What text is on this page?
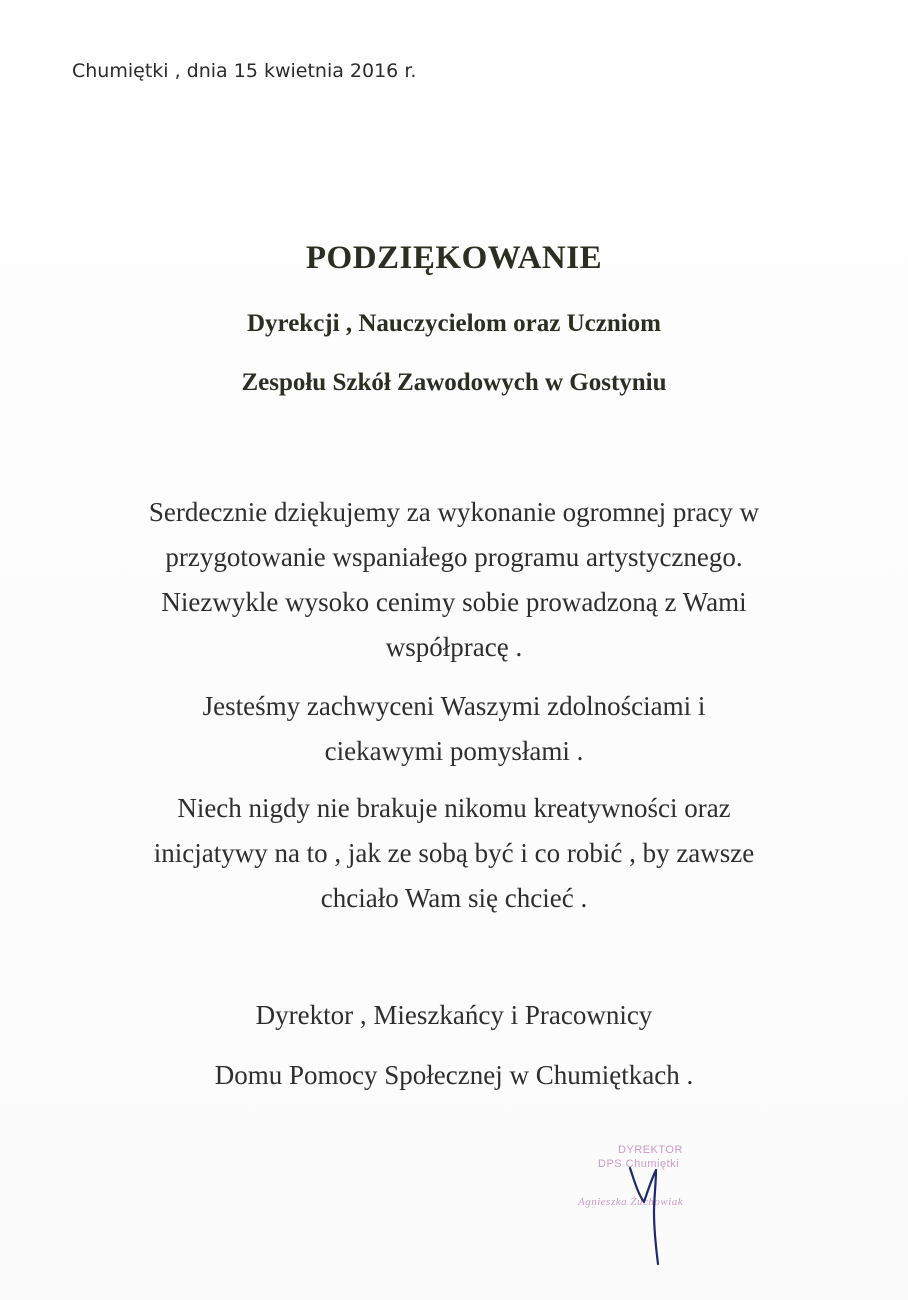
Chumiętki , dnia 15 kwietnia 2016 r.
PODZIĘKOWANIE
Dyrekcji , Nauczycielom oraz Uczniom
Zespołu Szkół Zawodowych w Gostyniu
Serdecznie dziękujemy za wykonanie ogromnej pracy w
przygotowanie wspaniałego programu artystycznego.
Niezwykle wysoko cenimy sobie prowadzoną z Wami
współpracę .
Jesteśmy zachwyceni Waszymi zdolnościami i
ciekawymi pomysłami .
Niech nigdy nie brakuje nikomu kreatywności oraz
inicjatywy na to , jak ze sobą być i co robić , by zawsze
chciało Wam się chcieć .
Dyrektor , Mieszkańcy i Pracownicy
Domu Pomocy Społecznej w Chumiętkach .
DYREKTOR
DPS Chumiętki
Agnieszka Żuchowiak
